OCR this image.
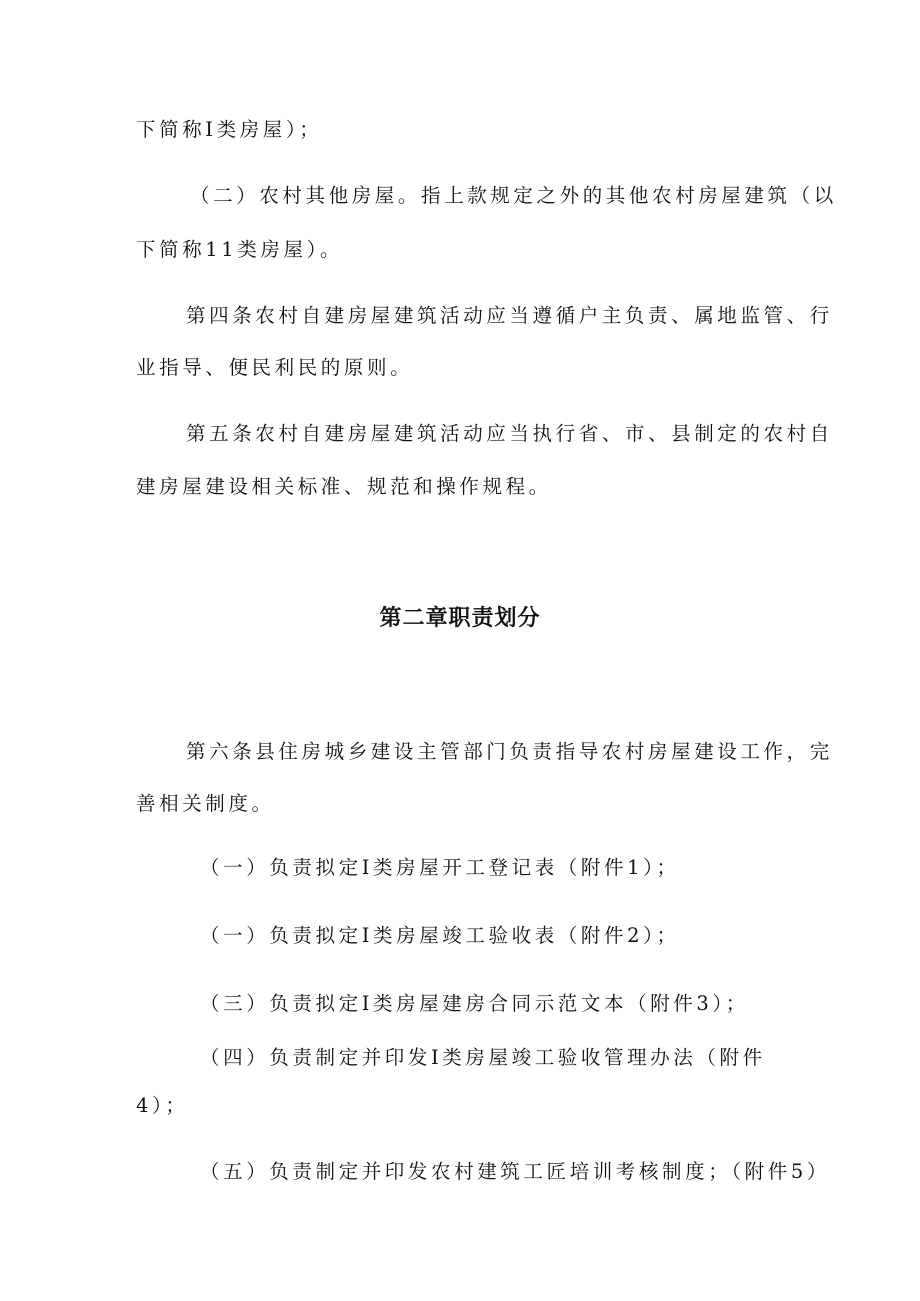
下简称Ⅰ类房屋）；

（二）农村其他房屋。指上款规定之外的其他农村房屋建筑（以

下简称11类房屋）。

第四条农村自建房屋建筑活动应当遵循户主负责、属地监管、行

业指导、便民利民的原则。

第五条农村自建房屋建筑活动应当执行省、市、县制定的农村自

建房屋建设相关标准、规范和操作规程。

第二章职责划分

第六条县住房城乡建设主管部门负责指导农村房屋建设工作，完

善相关制度。

（一）负责拟定Ⅰ类房屋开工登记表（附件1）；

（一）负责拟定Ⅰ类房屋竣工验收表（附件2）；

（三）负责拟定Ⅰ类房屋建房合同示范文本（附件3）；

（四）负责制定并印发Ⅰ类房屋竣工验收管理办法（附件

4）；

（五）负责制定并印发农村建筑工匠培训考核制度；（附件5）
